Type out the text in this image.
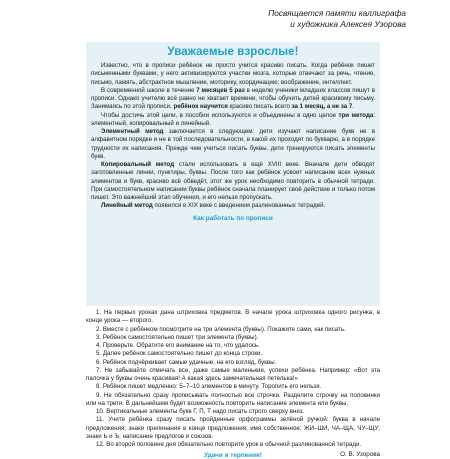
Посвящается памяти каллиграфа
и художника Алексея Узорова
Уважаемые взрослые!

Известно, что в прописи ребёнок не просто учится красиво писать. Когда ребёнок пишет письменными буквами, у него активизируются участки мозга, которые отвечают за речь, чтение, письмо, память, абстрактное мышление, моторику, координацию; воображение, интеллект.

В современной школе в течение 7 месяцев 5 раз в неделю ученики младших классов пишут в прописи. Однако учителю всё равно не хватает времени, чтобы обучить детей красивому письму. Занимаясь по этой прописи, ребёнок научится красиво писать всего за 1 месяц, а не за 7.

Чтобы достичь этой цели, в пособии используются и объединены в одно целое три метода: элементный, копировальный и линейный.

Элементный метод заключается в следующем: дети изучают написание букв не в алфавитном порядке и не в той последовательности, в какой их проходят по букварю, а в порядке трудности их написания. Прежде чем учиться писать буквы, дети тренируются писать элементы букв.

Копировальный метод стали использовать в ещё XVIII веке. Вначале дети обводят заготовленные линии, пунктиры, буквы. После того как ребёнок усвоит написание всех нужных элементов и букв, красиво всё обведёт, этот же урок необходимо повторить в обычной тетради. При самостоятельном написании буквы ребёнок сначала планирует своё действие и только потом пишет. Это важнейший этап обучения, и его нельзя пропускать.

Линейный метод появился в XIX веке с введением разлинованных тетрадей.

Как работать по прописи

1. На первых уроках дана штриховка предметов. В начале урока штриховка одного рисунка, в конце урока — второго.

2. Вместе с ребёнком посмотрите на три элемента (буквы). Покажите сами, как писать.

3. Ребёнок самостоятельно пишет три элемента (буквы).

4. Проверьте. Обратите его внимание на то, что удалось.

5. Далее ребёнок самостоятельно пишет до конца строки.

6. Ребёнок подчёркивает самые удачные, на его взгляд, буквы.

7. Не забывайте отмечать все, даже самые маленькие, успехи ребёнка. Например: «Вот эта палочка у буквы очень красивая! А какая здесь замечательная петелька!»

8. Ребёнок пишет медленно: 5–7–10 элементов в минуту. Торопить его нельзя.

9. Не обязательно сразу прописывать полностью все строчки. Разделите строчку на половинки или на трети. В дальнейшем будет возможность повторить написание элемента или буквы.

10. Вертикальные элементы букв Г, П, Т надо писать строго сверху вниз.

11. Учите ребёнка сразу писать пройденные орфограммы зелёной ручкой: буква в начале предложения; знаки препинания в конце предложения; имя собственное; ЖИ–ШИ, ЧА–ЩА, ЧУ–ЩУ; знаки Ь и Ъ; написание предлогов и союзов.

12. Во второй половине дня обязательно повторите урок в обычной разлинованной тетради.

Удачи и терпения!	О. В. Узорова
